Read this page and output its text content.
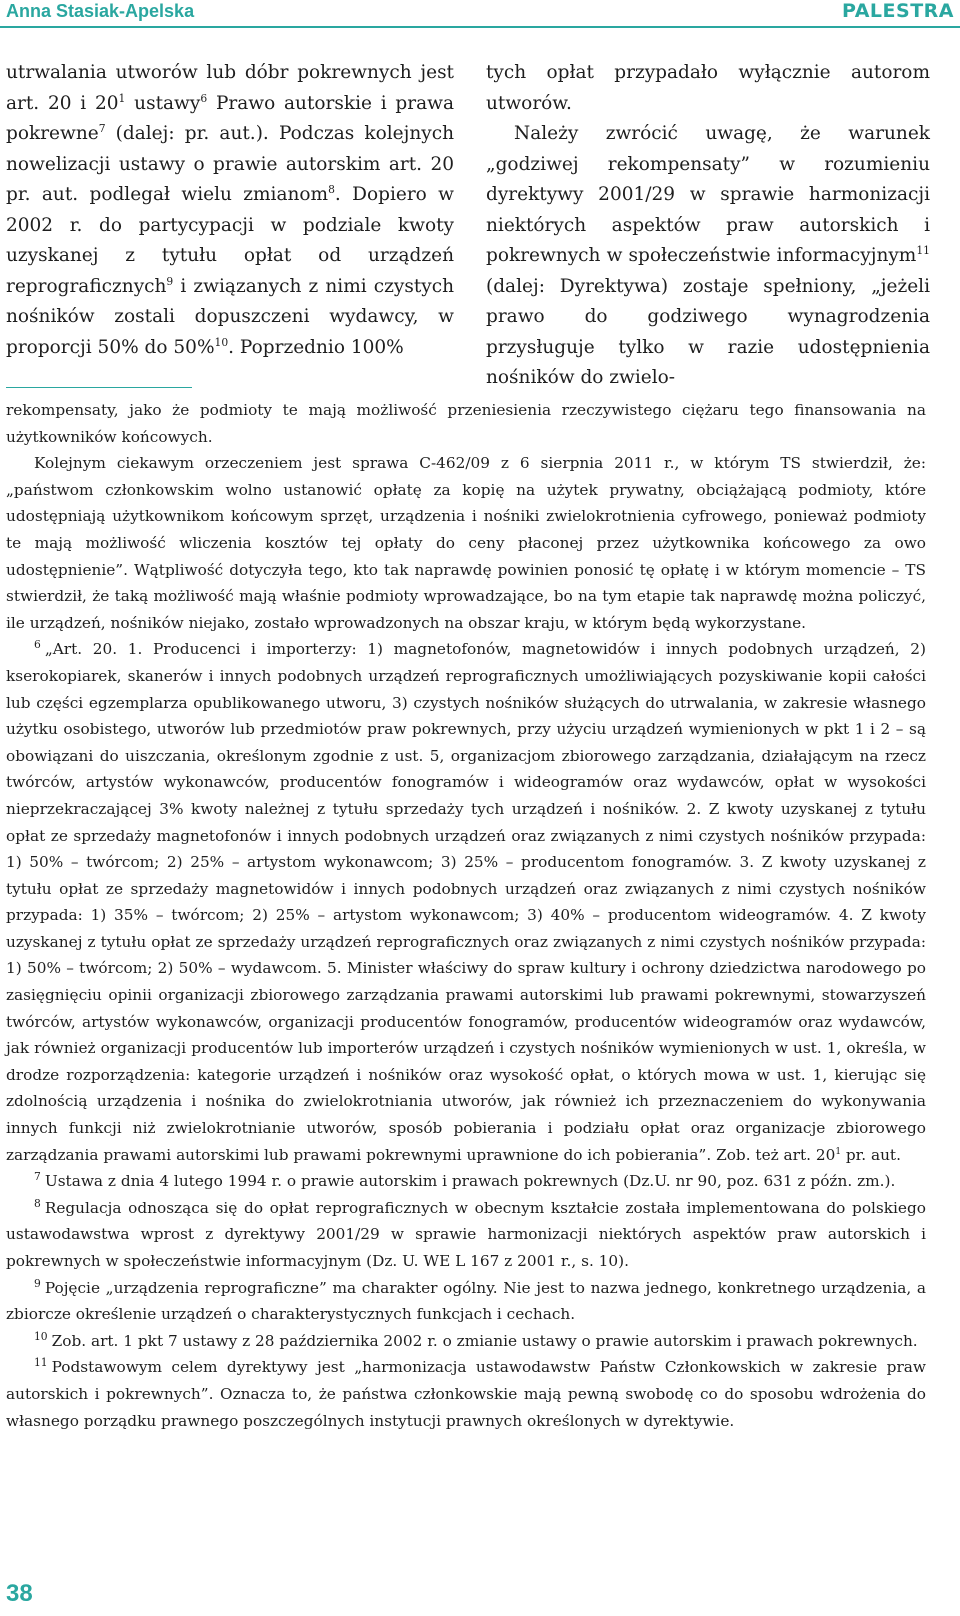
Anna Stasiak-Apelska	PALESTRA

utrwalania utworów lub dóbr pokrewnych jest art. 20 i $20^1$ ustawy$^6$ Prawo autorskie i prawa pokrewne$^7$ (dalej: pr. aut.). Podczas kolejnych nowelizacji ustawy o prawie autorskim art. 20 pr. aut. podlegał wielu zmianom$^8$. Dopiero w 2002 r. do partycypacji w podziale kwoty uzyskanej z tytułu opłat od urządzeń reprograficznych$^9$ i związanych z nimi czystych nośników zostali dopuszczeni wydawcy, w proporcji 50% do 50%$^{10}$. Poprzednio 100%

tych opłat przypadało wyłącznie autorom utworów.

Należy zwrócić uwagę, że warunek „godziwej rekompensaty” w rozumieniu dyrektywy 2001/29 w sprawie harmonizacji niektórych aspektów praw autorskich i pokrewnych w społeczeństwie informacyjnym$^{11}$ (dalej: Dyrektywa) zostaje spełniony, „jeżeli prawo do godziwego wynagrodzenia przysługuje tylko w razie udostępnienia nośników do zwielo-

rekompensaty, jako że podmioty te mają możliwość przeniesienia rzeczywistego ciężaru tego finansowania na użytkowników końcowych.

Kolejnym ciekawym orzeczeniem jest sprawa C-462/09 z 6 sierpnia 2011 r., w którym TS stwierdził, że: „państwom członkowskim wolno ustanowić opłatę za kopię na użytek prywatny, obciążającą podmioty, które udostępniają użytkownikom końcowym sprzęt, urządzenia i nośniki zwielokrotnienia cyfrowego, ponieważ podmioty te mają możliwość wliczenia kosztów tej opłaty do ceny płaconej przez użytkownika końcowego za owo udostępnienie”. Wątpliwość dotyczyła tego, kto tak naprawdę powinien ponosić tę opłatę i w którym momencie – TS stwierdził, że taką możliwość mają właśnie podmioty wprowadzające, bo na tym etapie tak naprawdę można policzyć, ile urządzeń, nośników niejako, zostało wprowadzonych na obszar kraju, w którym będą wykorzystane.

$^6$ „Art. 20. 1. Producenci i importerzy: 1) magnetofonów, magnetowidów i innych podobnych urządzeń, 2) kserokopiarek, skanerów i innych podobnych urządzeń reprograficznych umożliwiających pozyskiwanie kopii całości lub części egzemplarza opublikowanego utworu, 3) czystych nośników służących do utrwalania, w zakresie własnego użytku osobistego, utworów lub przedmiotów praw pokrewnych, przy użyciu urządzeń wymienionych w pkt 1 i 2 – są obowiązani do uiszczania, określonym zgodnie z ust. 5, organizacjom zbiorowego zarządzania, działającym na rzecz twórców, artystów wykonawców, producentów fonogramów i wideogramów oraz wydawców, opłat w wysokości nieprzekraczającej 3% kwoty należnej z tytułu sprzedaży tych urządzeń i nośników. 2. Z kwoty uzyskanej z tytułu opłat ze sprzedaży magnetofonów i innych podobnych urządzeń oraz związanych z nimi czystych nośników przypada: 1) 50% – twórcom; 2) 25% – artystom wykonawcom; 3) 25% – producentom fonogramów. 3. Z kwoty uzyskanej z tytułu opłat ze sprzedaży magnetowidów i innych podobnych urządzeń oraz związanych z nimi czystych nośników przypada: 1) 35% – twórcom; 2) 25% – artystom wykonawcom; 3) 40% – producentom wideogramów. 4. Z kwoty uzyskanej z tytułu opłat ze sprzedaży urządzeń reprograficznych oraz związanych z nimi czystych nośników przypada: 1) 50% – twórcom; 2) 50% – wydawcom. 5. Minister właściwy do spraw kultury i ochrony dziedzictwa narodowego po zasięgnięciu opinii organizacji zbiorowego zarządzania prawami autorskimi lub prawami pokrewnymi, stowarzyszeń twórców, artystów wykonawców, organizacji producentów fonogramów, producentów wideogramów oraz wydawców, jak również organizacji producentów lub importerów urządzeń i czystych nośników wymienionych w ust. 1, określa, w drodze rozporządzenia: kategorie urządzeń i nośników oraz wysokość opłat, o których mowa w ust. 1, kierując się zdolnością urządzenia i nośnika do zwielokrotniania utworów, jak również ich przeznaczeniem do wykonywania innych funkcji niż zwielokrotnianie utworów, sposób pobierania i podziału opłat oraz organizacje zbiorowego zarządzania prawami autorskimi lub prawami pokrewnymi uprawnione do ich pobierania”. Zob. też art. $20^1$ pr. aut.

$^7$ Ustawa z dnia 4 lutego 1994 r. o prawie autorskim i prawach pokrewnych (Dz.U. nr 90, poz. 631 z późn. zm.).

$^8$ Regulacja odnosząca się do opłat reprograficznych w obecnym kształcie została implementowana do polskiego ustawodawstwa wprost z dyrektywy 2001/29 w sprawie harmonizacji niektórych aspektów praw autorskich i pokrewnych w społeczeństwie informacyjnym (Dz. U. WE L 167 z 2001 r., s. 10).

$^9$ Pojęcie „urządzenia reprograficzne” ma charakter ogólny. Nie jest to nazwa jednego, konkretnego urządzenia, a zbiorcze określenie urządzeń o charakterystycznych funkcjach i cechach.

$^{10}$ Zob. art. 1 pkt 7 ustawy z 28 października 2002 r. o zmianie ustawy o prawie autorskim i prawach pokrewnych.

$^{11}$ Podstawowym celem dyrektywy jest „harmonizacja ustawodawstw Państw Członkowskich w zakresie praw autorskich i pokrewnych”. Oznacza to, że państwa członkowskie mają pewną swobodę co do sposobu wdrożenia do własnego porządku prawnego poszczególnych instytucji prawnych określonych w dyrektywie.

38
